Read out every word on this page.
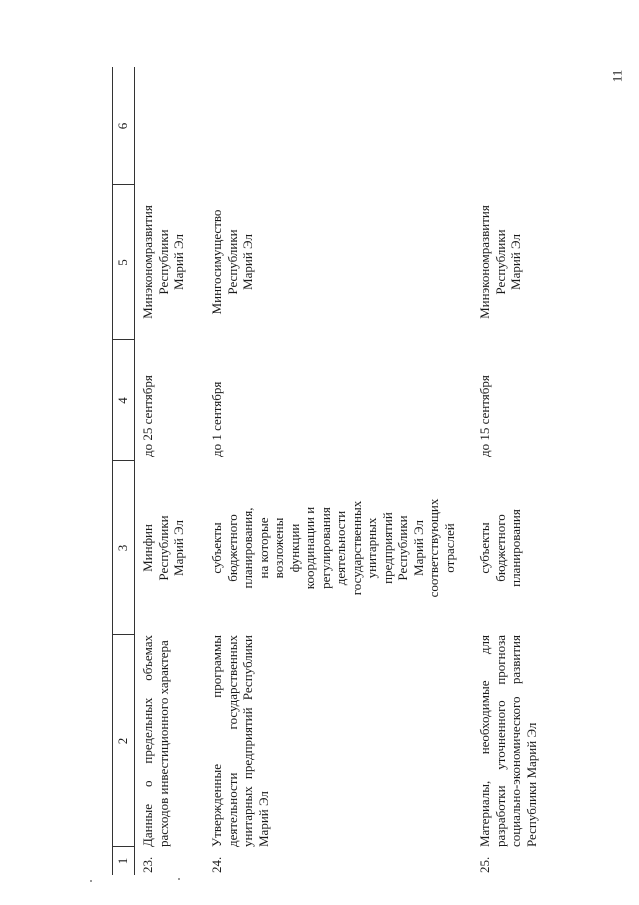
11
1
2
3
4
5
6
23.
Данные о предельных объемах расходов инвестиционного характера
Минфин Республики Марий Эл
до 25 сентября
Минэкономразвития Республики Марий Эл
24.
Утвержденные программы деятельности государственных унитарных предприятий Республики Марий Эл
субъекты бюджетного планирования, на которые возложены функции координации и регулирования деятельности государственных унитарных предприятий Республики Марий Эл соответствующих отраслей
до 1 сентября
Мингосимущество Республики Марий Эл
25.
Материалы, необходимые для разработки уточненного прогноза социально-экономического развития Республики Марий Эл
субъекты бюджетного планирования
до 15 сентября
Минэкономразвития Республики Марий Эл
